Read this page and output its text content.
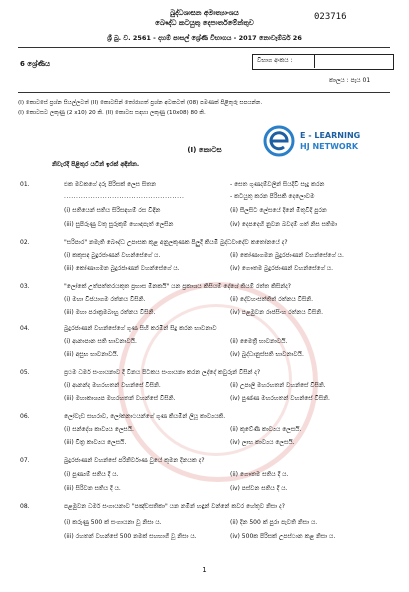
බුද්ධශාසන අමාත්‍යාංශය
බෞද්ධ කටයුතු දෙපාර්තමේන්තුව
023716
ශ්‍රී බු. ව. 2561 - දහම් පාසල් ශ්‍රේණි විභාගය - 2017 නොවැම්බර් 26
6 ශ්‍රේණිය	විභාග අංකය :
කාලය : පැය 01
(I) කොටසේ ප්‍රශ්න සියල්ලටත් (II) කොටසින් තෝරාගත් ප්‍රශ්න අටකටත් (08) පමණක් පිළිතුරු සපයන්න.
(I) කොටසට ලකුණු (2 x10) 20 කි. (II) කොටස සඳහා ලකුණු (10x08) 80 කි.
(I) කොටස
නිවැරදි පිළිතුර යටින් ඉරක් අඳින්න.
E - LEARNING
HJ NETWORK
01.	එක මවකගේ දරු පිරිසක් ලෙස සිතන	- සෙත ගුණදම්වලින් සියදිවි සැදු කරන
..................................................	- කටයුතු කරන පිරිසකි දෙලොවම
(i) සතියෙන් සතිය සිරිසඳහම් රස විඳින	(ii) සීලසිට ලේසයේ දිනේ මිතුවිදි පුරන
(iii) සුපිරුණු වතු සුරුකුම් හොඳපැත් ලෙසින	(iv) දෙපදෙහි නුවන බවදම් ගත් නිස සතිමා
02.	"සරිපාර" නමැති බෞද්ධ උපාසක කුළ අනුලකුණක පිලුදී කියමි බුද්ධවාදේව කතෝනයේ ද?
(i) කකුසඳ බුදුරජාණන් වහන්සේගේ ය.	(ii) කෝණාගමන බුදුරජාණන් වහන්සේගේ ය.
(iii) කෝණාගමන බුදුරජාණන් වහන්සේගේ ය.	(iv) ගෞතම බුදුරජාණන් වහන්සේගේ ය.
03.	"ලෝකේ උත්පත්තරයකුත ප්‍රභාස මිනකයි" යන ප්‍රකාශය කිසියම් දේශේ කියම් රත්ත කිසින්ද?
(i) මහා විජයාගම රත්නය විසිනි.	(ii) දේවහංසත්තිත් රත්නය විසිනි.
(iii) මහා පරාක්‍රමබාහු රත්නය විසිනි.	(iv) පළමුවන රාජසිංහ රත්නය විසිනි.
04.	බුදුරජාණන් වහන්සේගේ ගුණ සිහි කරමින් සිදු කරන භාවනාව
(i) ආනාපාන සති භාවනාවයි.	(ii) මෛත්‍රී භාවනාවයි.
(iii) අසුභ භාවනාවයි.	(iv) බුද්ධානුස්සති භාවනාවයි.
05.	ප්‍රථම ධර්ම සංගායනාව දී විනය පිටකය සංගායනා කරන ලද්දේ කවුරුන් විසින් ද?
(i) ආනන්ද මහරහතන් වහන්සේ විසිනි.	(ii) උපාලි මහරහතන් වහන්සේ විසිනි.
(iii) මහාකාශ්‍යප මහරහතන් වහන්සේ විසිනි.	(iv) පුණ්‍ණ මහරහතන් වහන්සේ විසිනි.
06.	ලෝවැඩ සඟරාව, ලෝකනාථයන්ගේ ගුණ කියමින් ලියූ කාව්‍යයකි.
(i) සන්දේශ කාව්‍යය ලෙසයි.	(ii) කුවේණි කාව්‍යය ලෙසයි.
(iii) චිත්‍ර කාව්‍යය ලෙසයි.	(iv) ලාභ කාව්‍යය ලෙසයි.
07.	බුදුරජාණන් වහන්සේ පරිනිර්වාණ වුයේ කුමන දිනයක ද?
(i) පුණ්‍යම් සතිය දී ය.	(ii) ගෞතම සතිය දී ය.
(iii) සිරිවන සතිය දී ය.	(iv) පස්වන සතිය දී ය.
08.	පළමුවන ධර්ම සංගායනාව "පඤ්චසතිකා" යන නමින් හඳුන් වන්නේ කවර හේතුව නිසා ද?
(i) කරුණු 500 ක් සංගායනා වූ නිසා ය.	(ii) දින 500 ක් පුරා පැවති නිසා ය.
(iii) රහතන් වහන්සේ 500 නමක් සහභාගී වූ නිසා ය.	(iv) 500ක පිරිසක් උපස්ථාන කළ නිසා ය.
1
